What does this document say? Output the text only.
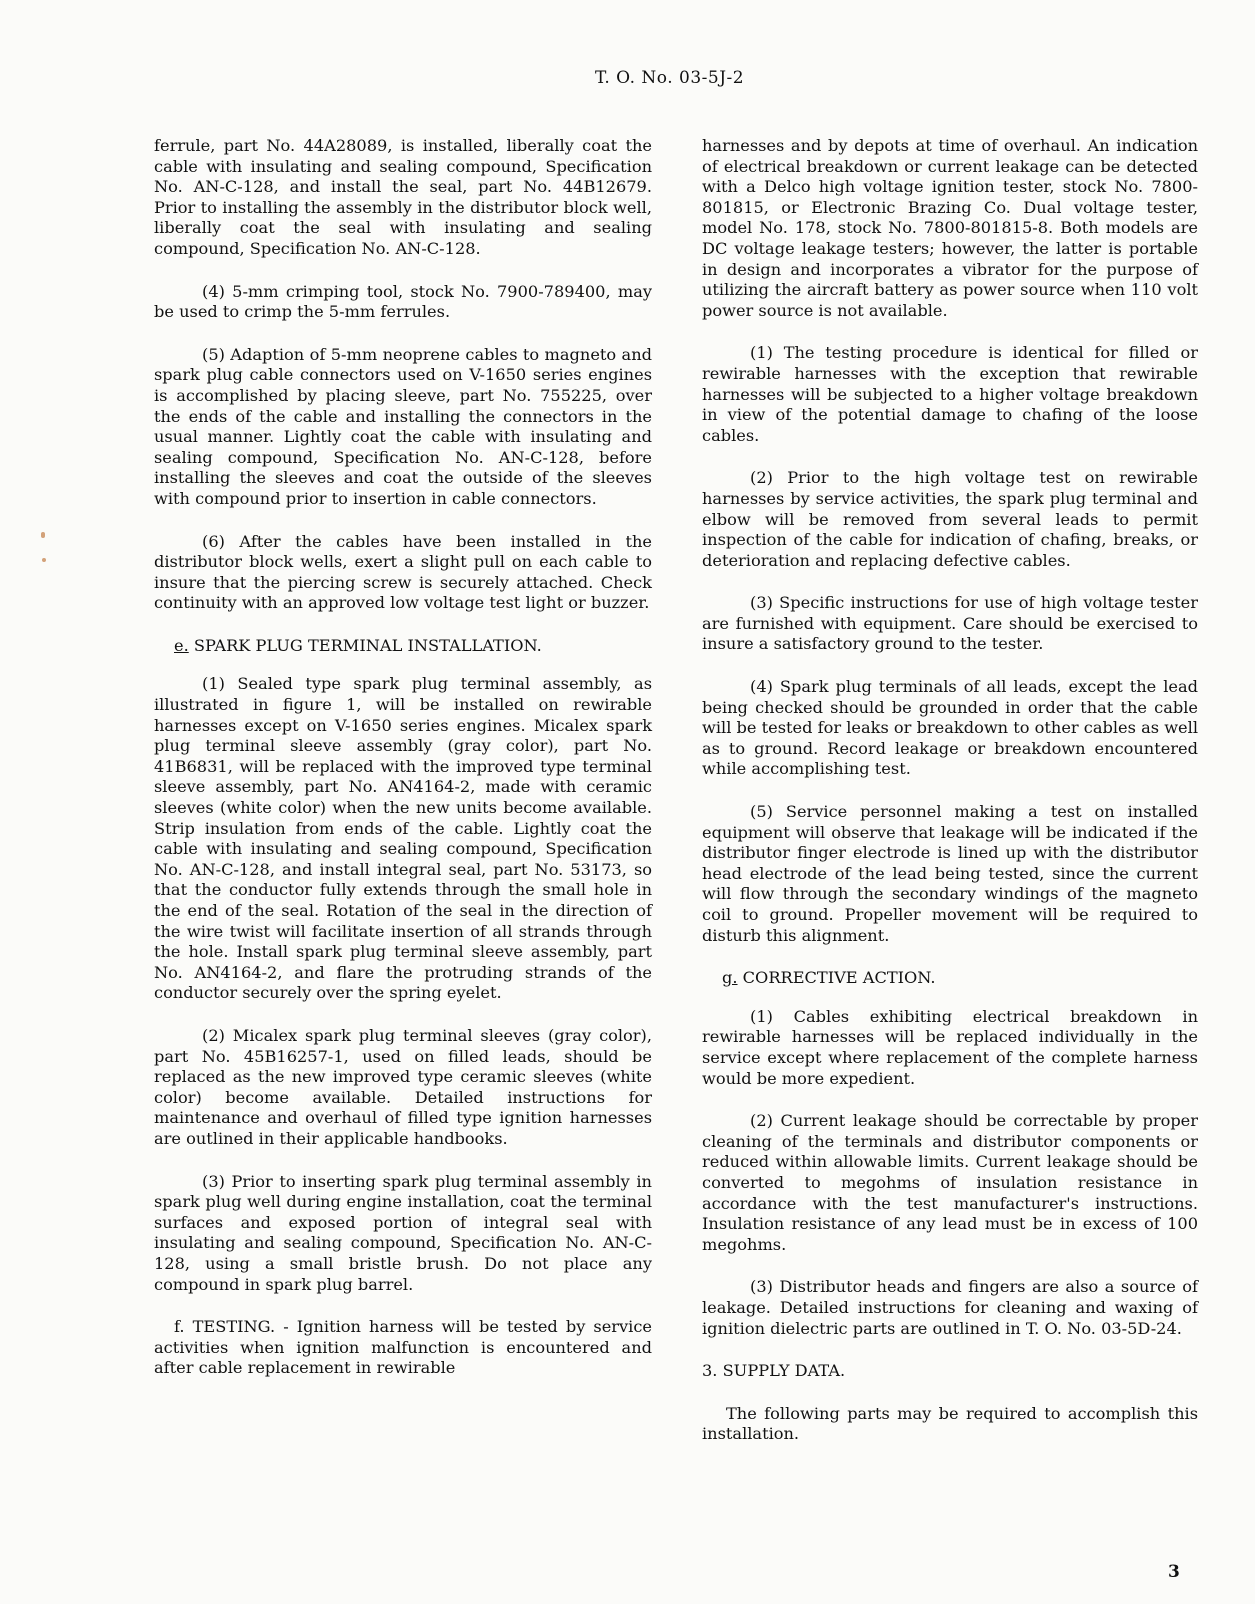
T. O. No. 03-5J-2

ferrule, part No. 44A28089, is installed, liberally coat the cable with insulating and sealing compound, Specification No. AN-C-128, and install the seal, part No. 44B12679. Prior to installing the assembly in the distributor block well, liberally coat the seal with insulating and sealing compound, Specification No. AN-C-128.

(4) 5-mm crimping tool, stock No. 7900-789400, may be used to crimp the 5-mm ferrules.

(5) Adaption of 5-mm neoprene cables to magneto and spark plug cable connectors used on V-1650 series engines is accomplished by placing sleeve, part No. 755225, over the ends of the cable and installing the connectors in the usual manner. Lightly coat the cable with insulating and sealing compound, Specification No. AN-C-128, before installing the sleeves and coat the outside of the sleeves with compound prior to insertion in cable connectors.

(6) After the cables have been installed in the distributor block wells, exert a slight pull on each cable to insure that the piercing screw is securely attached. Check continuity with an approved low voltage test light or buzzer.

e. SPARK PLUG TERMINAL INSTALLATION.

(1) Sealed type spark plug terminal assembly, as illustrated in figure 1, will be installed on rewirable harnesses except on V-1650 series engines. Micalex spark plug terminal sleeve assembly (gray color), part No. 41B6831, will be replaced with the improved type terminal sleeve assembly, part No. AN4164-2, made with ceramic sleeves (white color) when the new units become available. Strip insulation from ends of the cable. Lightly coat the cable with insulating and sealing compound, Specification No. AN-C-128, and install integral seal, part No. 53173, so that the conductor fully extends through the small hole in the end of the seal. Rotation of the seal in the direction of the wire twist will facilitate insertion of all strands through the hole. Install spark plug terminal sleeve assembly, part No. AN4164-2, and flare the protruding strands of the conductor securely over the spring eyelet.

(2) Micalex spark plug terminal sleeves (gray color), part No. 45B16257-1, used on filled leads, should be replaced as the new improved type ceramic sleeves (white color) become available. Detailed instructions for maintenance and overhaul of filled type ignition harnesses are outlined in their applicable handbooks.

(3) Prior to inserting spark plug terminal assembly in spark plug well during engine installation, coat the terminal surfaces and exposed portion of integral seal with insulating and sealing compound, Specification No. AN-C-128, using a small bristle brush. Do not place any compound in spark plug barrel.

f. TESTING. - Ignition harness will be tested by service activities when ignition malfunction is encountered and after cable replacement in rewirable

harnesses and by depots at time of overhaul. An indication of electrical breakdown or current leakage can be detected with a Delco high voltage ignition tester, stock No. 7800-801815, or Electronic Brazing Co. Dual voltage tester, model No. 178, stock No. 7800-801815-8. Both models are DC voltage leakage testers; however, the latter is portable in design and incorporates a vibrator for the purpose of utilizing the aircraft battery as power source when 110 volt power source is not available.

(1) The testing procedure is identical for filled or rewirable harnesses with the exception that rewirable harnesses will be subjected to a higher voltage breakdown in view of the potential damage to chafing of the loose cables.

(2) Prior to the high voltage test on rewirable harnesses by service activities, the spark plug terminal and elbow will be removed from several leads to permit inspection of the cable for indication of chafing, breaks, or deterioration and replacing defective cables.

(3) Specific instructions for use of high voltage tester are furnished with equipment. Care should be exercised to insure a satisfactory ground to the tester.

(4) Spark plug terminals of all leads, except the lead being checked should be grounded in order that the cable will be tested for leaks or breakdown to other cables as well as to ground. Record leakage or breakdown encountered while accomplishing test.

(5) Service personnel making a test on installed equipment will observe that leakage will be indicated if the distributor finger electrode is lined up with the distributor head electrode of the lead being tested, since the current will flow through the secondary windings of the magneto coil to ground. Propeller movement will be required to disturb this alignment.

g. CORRECTIVE ACTION.

(1) Cables exhibiting electrical breakdown in rewirable harnesses will be replaced individually in the service except where replacement of the complete harness would be more expedient.

(2) Current leakage should be correctable by proper cleaning of the terminals and distributor components or reduced within allowable limits. Current leakage should be converted to megohms of insulation resistance in accordance with the test manufacturer's instructions. Insulation resistance of any lead must be in excess of 100 megohms.

(3) Distributor heads and fingers are also a source of leakage. Detailed instructions for cleaning and waxing of ignition dielectric parts are outlined in T. O. No. 03-5D-24.

3. SUPPLY DATA.

The following parts may be required to accomplish this installation.

3
